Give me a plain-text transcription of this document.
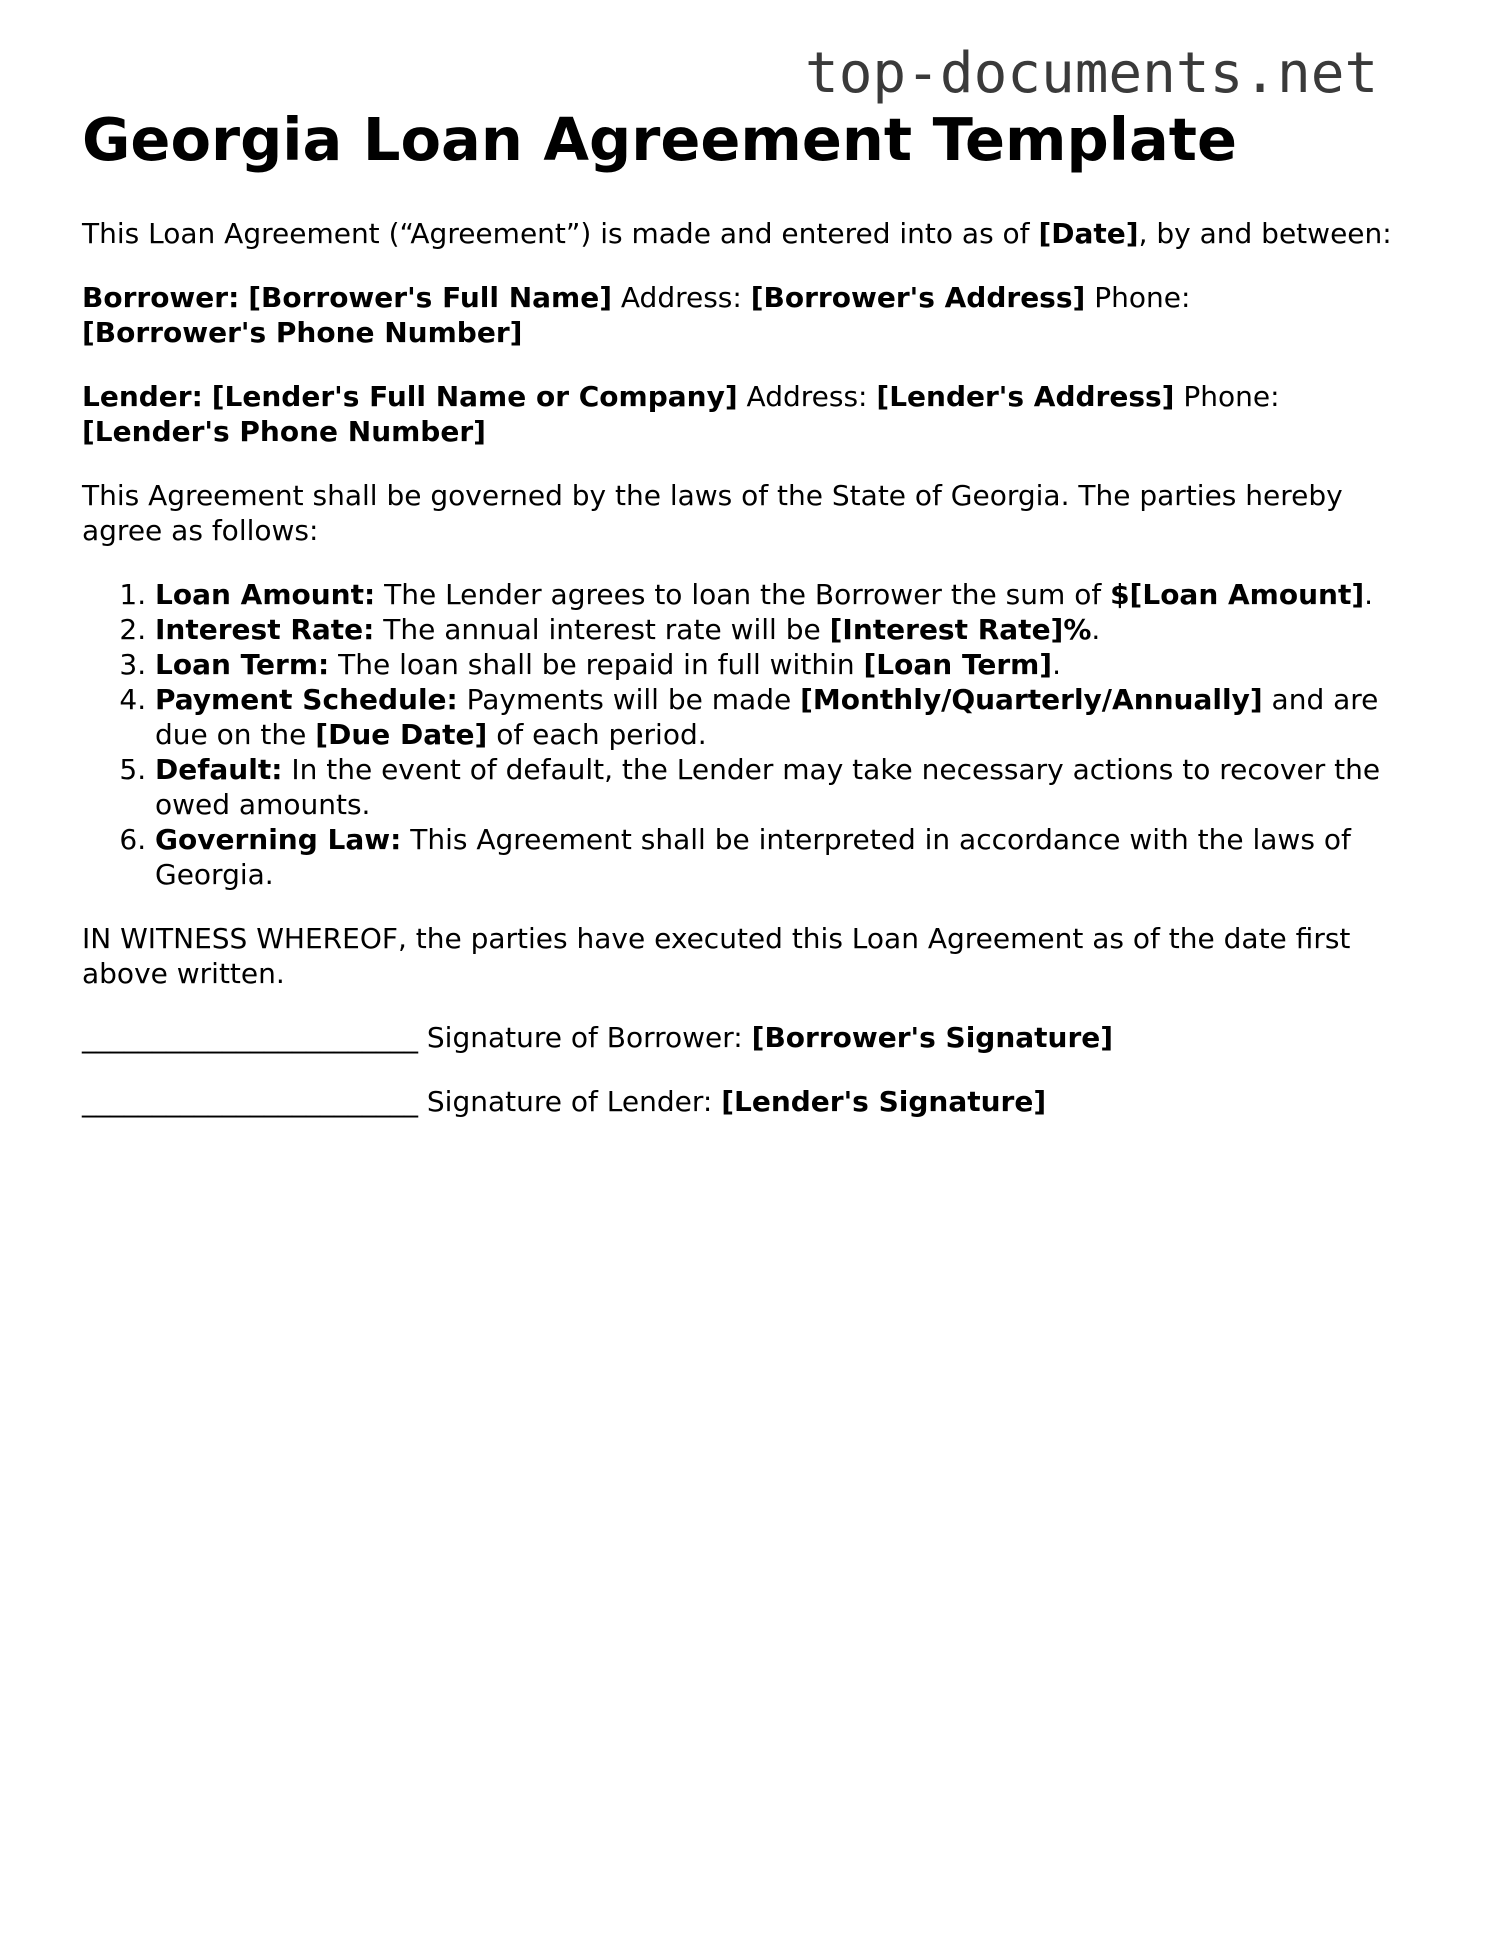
top-documents.net
Georgia Loan Agreement Template

This Loan Agreement (“Agreement”) is made and entered into as of [Date], by and between:

Borrower: [Borrower's Full Name] Address: [Borrower's Address] Phone:
[Borrower's Phone Number]

Lender: [Lender's Full Name or Company] Address: [Lender's Address] Phone:
[Lender's Phone Number]

This Agreement shall be governed by the laws of the State of Georgia. The parties hereby agree as follows:

1. Loan Amount: The Lender agrees to loan the Borrower the sum of $[Loan Amount].
2. Interest Rate: The annual interest rate will be [Interest Rate]%.
3. Loan Term: The loan shall be repaid in full within [Loan Term].
4. Payment Schedule: Payments will be made [Monthly/Quarterly/Annually] and are due on the [Due Date] of each period.
5. Default: In the event of default, the Lender may take necessary actions to recover the owed amounts.
6. Governing Law: This Agreement shall be interpreted in accordance with the laws of Georgia.

IN WITNESS WHEREOF, the parties have executed this Loan Agreement as of the date first above written.

________________________ Signature of Borrower: [Borrower's Signature]

________________________ Signature of Lender: [Lender's Signature]
